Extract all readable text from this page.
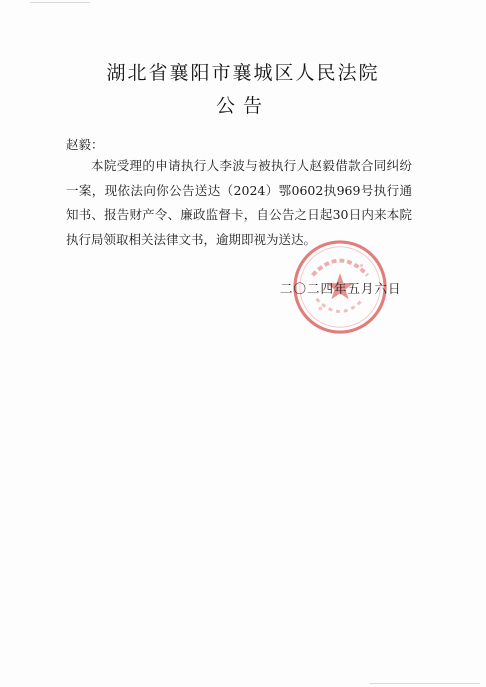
湖北省襄阳市襄城区人民法院
公告
赵毅：
本院受理的申请执行人李波与被执行人赵毅借款合同纠纷一案，现依法向你公告送达（2024）鄂0602执969号执行通知书、报告财产令、廉政监督卡，自公告之日起30日内来本院执行局领取相关法律文书，逾期即视为送达。
二〇二四年五月六日
